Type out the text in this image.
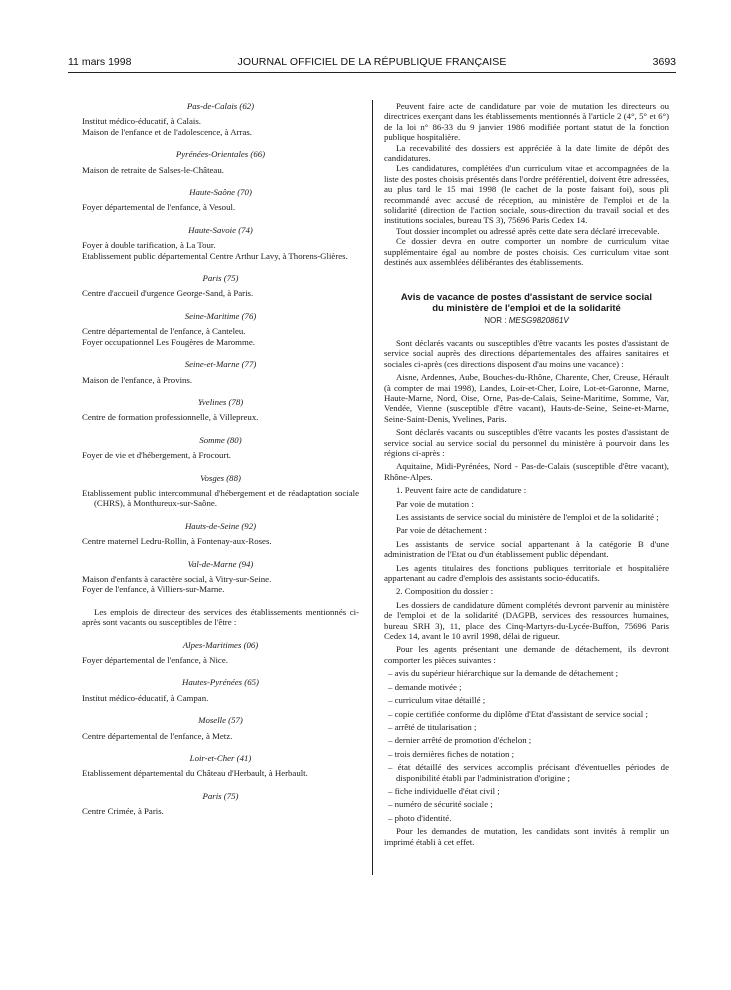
11 mars 1998	JOURNAL OFFICIEL DE LA RÉPUBLIQUE FRANÇAISE	3693

Pas-de-Calais (62)

Institut médico-éducatif, à Calais.

Maison de l'enfance et de l'adolescence, à Arras.

Pyrénées-Orientales (66)

Maison de retraite de Salses-le-Château.

Haute-Saône (70)

Foyer départemental de l'enfance, à Vesoul.

Haute-Savoie (74)

Foyer à double tarification, à La Tour.

Etablissement public départemental Centre Arthur Lavy, à Thorens-Glières.

Paris (75)

Centre d'accueil d'urgence George-Sand, à Paris.

Seine-Maritime (76)

Centre départemental de l'enfance, à Canteleu.

Foyer occupationnel Les Fougères de Maromme.

Seine-et-Marne (77)

Maison de l'enfance, à Provins.

Yvelines (78)

Centre de formation professionnelle, à Villepreux.

Somme (80)

Foyer de vie et d'hébergement, à Frocourt.

Vosges (88)

Etablissement public intercommunal d'hébergement et de réadaptation sociale (CHRS), à Monthureux-sur-Saône.

Hauts-de-Seine (92)

Centre maternel Ledru-Rollin, à Fontenay-aux-Roses.

Val-de-Marne (94)

Maison d'enfants à caractère social, à Vitry-sur-Seine.

Foyer de l'enfance, à Villiers-sur-Marne.

Les emplois de directeur des services des établissements mentionnés ci-après sont vacants ou susceptibles de l'être :

Alpes-Maritimes (06)

Foyer départemental de l'enfance, à Nice.

Hautes-Pyrénées (65)

Institut médico-éducatif, à Campan.

Moselle (57)

Centre départemental de l'enfance, à Metz.

Loir-et-Cher (41)

Etablissement départemental du Château d'Herbault, à Herbault.

Paris (75)

Centre Crimée, à Paris.

Peuvent faire acte de candidature par voie de mutation les directeurs ou directrices exerçant dans les établissements mentionnés à l'article 2 (4°, 5° et 6°) de la loi n° 86-33 du 9 janvier 1986 modifiée portant statut de la fonction publique hospitalière.

La recevabilité des dossiers est appréciée à la date limite de dépôt des candidatures.

Les candidatures, complétées d'un curriculum vitae et accompagnées de la liste des postes choisis présentés dans l'ordre préférentiel, doivent être adressées, au plus tard le 15 mai 1998 (le cachet de la poste faisant foi), sous pli recommandé avec accusé de réception, au ministère de l'emploi et de la solidarité (direction de l'action sociale, sous-direction du travail social et des institutions sociales, bureau TS 3), 75696 Paris Cedex 14.

Tout dossier incomplet ou adressé après cette date sera déclaré irrecevable.

Ce dossier devra en outre comporter un nombre de curriculum vitae supplémentaire égal au nombre de postes choisis. Ces curriculum vitae sont destinés aux assemblées délibérantes des établissements.

Avis de vacance de postes d'assistant de service social

du ministère de l'emploi et de la solidarité

NOR : MESG9820861V

Sont déclarés vacants ou susceptibles d'être vacants les postes d'assistant de service social auprès des directions départementales des affaires sanitaires et sociales ci-après (ces directions disposent d'au moins une vacance) :

Aisne, Ardennes, Aube, Bouches-du-Rhône, Charente, Cher, Creuse, Hérault (à compter de mai 1998), Landes, Loir-et-Cher, Loire, Lot-et-Garonne, Marne, Haute-Marne, Nord, Oise, Orne, Pas-de-Calais, Seine-Maritime, Somme, Var, Vendée, Vienne (susceptible d'être vacant), Hauts-de-Seine, Seine-et-Marne, Seine-Saint-Denis, Yvelines, Paris.

Sont déclarés vacants ou susceptibles d'être vacants les postes d'assistant de service social au service social du personnel du ministère à pourvoir dans les régions ci-après :

Aquitaine, Midi-Pyrénées, Nord - Pas-de-Calais (susceptible d'être vacant), Rhône-Alpes.

1. Peuvent faire acte de candidature :

Par voie de mutation :

Les assistants de service social du ministère de l'emploi et de la solidarité ;

Par voie de détachement :

Les assistants de service social appartenant à la catégorie B d'une administration de l'Etat ou d'un établissement public dépendant.

Les agents titulaires des fonctions publiques territoriale et hospitalière appartenant au cadre d'emplois des assistants socio-éducatifs.

2. Composition du dossier :

Les dossiers de candidature dûment complétés devront parvenir au ministère de l'emploi et de la solidarité (DAGPB, services des ressources humaines, bureau SRH 3), 11, place des Cinq-Martyrs-du-Lycée-Buffon, 75696 Paris Cedex 14, avant le 10 avril 1998, délai de rigueur.

Pour les agents présentant une demande de détachement, ils devront comporter les pièces suivantes :

– avis du supérieur hiérarchique sur la demande de détachement ;

– demande motivée ;

– curriculum vitae détaillé ;

– copie certifiée conforme du diplôme d'Etat d'assistant de service social ;

– arrêté de titularisation ;

– dernier arrêté de promotion d'échelon ;

– trois dernières fiches de notation ;

– état détaillé des services accomplis précisant d'éventuelles périodes de disponibilité établi par l'administration d'origine ;

– fiche individuelle d'état civil ;

– numéro de sécurité sociale ;

– photo d'identité.

Pour les demandes de mutation, les candidats sont invités à remplir un imprimé établi à cet effet.
